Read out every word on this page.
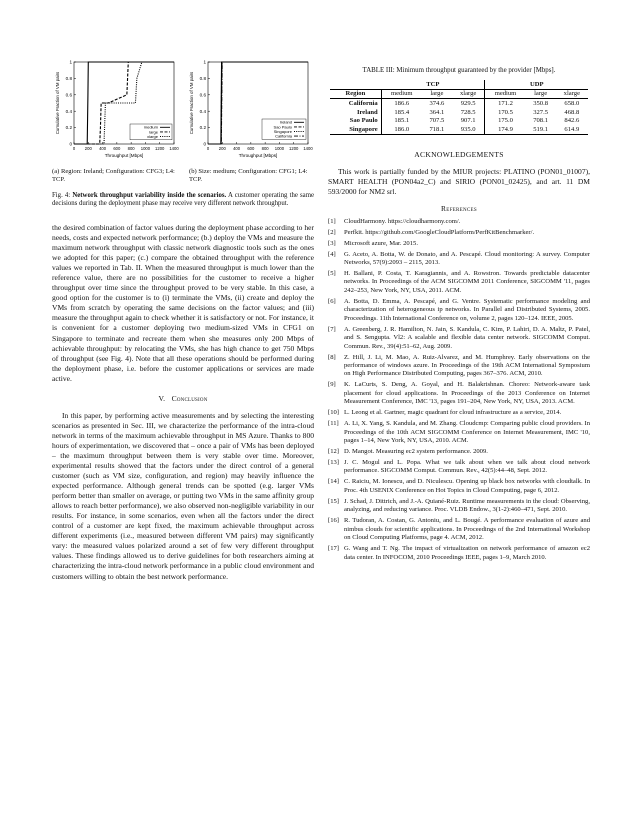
0
0.2
0.4
0.6
0.8
1
0 200 400 600 800 1000 1200 1400
Throughput [Mbps]
Cumulative Fraction of VM pairs	medium
large
xlarge
0
0.2
0.4
0.6
0.8
1
0 200 400 600 800 1000 1200 1400
Throughput [Mbps]
Cumulative Fraction of VM pairs	Ireland
Sao Paulo
Singapore
California
(a) Region: Ireland; Configuration: CFG3; L4: TCP.
(b) Size: medium; Configuration: CFG1; L4: TCP.
Fig. 4: Network throughput variability inside the scenarios. A customer operating the same decisions during the deployment phase may receive very different network throughput.

the desired combination of factor values during the deployment phase according to her needs, costs and expected network performance; (b.) deploy the VMs and measure the maximum network throughput with classic network diagnostic tools such as the ones we adopted for this paper; (c.) compare the obtained throughput with the reference values we reported in Tab. II. When the measured throughput is much lower than the reference value, there are no possibilities for the customer to receive a higher throughput over time since the throughput proved to be very stable. In this case, a good option for the customer is to (i) terminate the VMs, (ii) create and deploy the VMs from scratch by operating the same decisions on the factor values; and (iii) measure the throughput again to check whether it is satisfactory or not. For instance, it is convenient for a customer deploying two medium-sized VMs in CFG1 on Singapore to terminate and recreate them when she measures only 200 Mbps of achievable throughput: by relocating the VMs, she has high chance to get 750 Mbps of throughput (see Fig. 4). Note that all these operations should be performed during the deployment phase, i.e. before the customer applications or services are made active.

V. Conclusion

In this paper, by performing active measurements and by selecting the interesting scenarios as presented in Sec. III, we characterize the performance of the intra-cloud network in terms of the maximum achievable throughput in MS Azure. Thanks to 800 hours of experimentation, we discovered that – once a pair of VMs has been deployed – the maximum throughput between them is very stable over time. Moreover, experimental results showed that the factors under the direct control of a general customer (such as VM size, configuration, and region) may heavily influence the expected performance. Although general trends can be spotted (e.g. larger VMs perform better than smaller on average, or putting two VMs in the same affinity group allows to reach better performance), we also observed non-negligible variability in our results. For instance, in some scenarios, even when all the factors under the direct control of a customer are kept fixed, the maximum achievable throughput across different experiments (i.e., measured between different VM pairs) may significantly vary: the measured values polarized around a set of few very different throughput values. These findings allowed us to derive guidelines for both researchers aiming at characterizing the intra-cloud network performance in a public cloud environment and customers willing to obtain the best network performance.

TABLE III: Minimum throughput guaranteed by the provider [Mbps].
	TCP			UDP		
Region	medium	large	xlarge	medium	large	xlarge
California	186.6	374.6	929.5	171.2	350.8	658.0
Ireland	185.4	364.1	728.5	170.5	327.5	468.8
Sao Paulo	185.1	707.5	907.1	175.0	708.1	842.6
Singapore	186.0	718.1	935.0	174.9	519.1	614.9
ACKNOWLEDGEMENTS

This work is partially funded by the MIUR projects: PLATINO (PON01_01007), SMART HEALTH (PON04a2_C) and SIRIO (PON01_02425), and art. 11 DM 593/2000 for NM2 srl.

References
[1]	CloudHarmony. https://cloudharmony.com/.
[2]	Perfkit. https://github.com/GoogleCloudPlatform/PerfKitBenchmarker/.
[3]	Microsoft azure, Mar. 2015.
[4]	G. Aceto, A. Botta, W. de Donato, and A. Pescapé. Cloud monitoring: A survey. Computer Networks, 57(9):2093 – 2115, 2013.
[5]	H. Ballani, P. Costa, T. Karagiannis, and A. Rowstron. Towards predictable datacenter networks. In Proceedings of the ACM SIGCOMM 2011 Conference, SIGCOMM '11, pages 242–253, New York, NY, USA, 2011. ACM.
[6]	A. Botta, D. Emma, A. Pescapé, and G. Ventre. Systematic performance modeling and characterization of heterogeneous ip networks. In Parallel and Distributed Systems, 2005. Proceedings. 11th International Conference on, volume 2, pages 120–124. IEEE, 2005.
[7]	A. Greenberg, J. R. Hamilton, N. Jain, S. Kandula, C. Kim, P. Lahiri, D. A. Maltz, P. Patel, and S. Sengupta. Vl2: A scalable and flexible data center network. SIGCOMM Comput. Commun. Rev., 39(4):51–62, Aug. 2009.
[8]	Z. Hill, J. Li, M. Mao, A. Ruiz-Alvarez, and M. Humphrey. Early observations on the performance of windows azure. In Proceedings of the 19th ACM International Symposium on High Performance Distributed Computing, pages 367–376. ACM, 2010.
[9]	K. LaCurts, S. Deng, A. Goyal, and H. Balakrishnan. Choreo: Network-aware task placement for cloud applications. In Proceedings of the 2013 Conference on Internet Measurement Conference, IMC '13, pages 191–204, New York, NY, USA, 2013. ACM.
[10] L. Leong et al. Gartner, magic quadrant for cloud infrastructure as a service, 2014.
[11] A. Li, X. Yang, S. Kandula, and M. Zhang. Cloudcmp: Comparing public cloud providers. In Proceedings of the 10th ACM SIGCOMM Conference on Internet Measurement, IMC '10, pages 1–14, New York, NY, USA, 2010. ACM.
[12] D. Mangot. Measuring ec2 system performance. 2009.
[13] J. C. Mogul and L. Popa. What we talk about when we talk about cloud network performance. SIGCOMM Comput. Commun. Rev., 42(5):44–48, Sept. 2012.
[14] C. Raiciu, M. Ionescu, and D. Niculescu. Opening up black box networks with cloudtalk. In Proc. 4th USENIX Conference on Hot Topics in Cloud Computing, page 6, 2012.
[15] J. Schad, J. Dittrich, and J.-A. Quiané-Ruiz. Runtime measurements in the cloud: Observing, analyzing, and reducing variance. Proc. VLDB Endow., 3(1-2):460–471, Sept. 2010.
[16] R. Tudoran, A. Costan, G. Antoniu, and L. Bougé. A performance evaluation of azure and nimbus clouds for scientific applications. In Proceedings of the 2nd International Workshop on Cloud Computing Platforms, page 4. ACM, 2012.
[17] G. Wang and T. Ng. The impact of virtualization on network performance of amazon ec2 data center. In INFOCOM, 2010 Proceedings IEEE, pages 1–9, March 2010.
